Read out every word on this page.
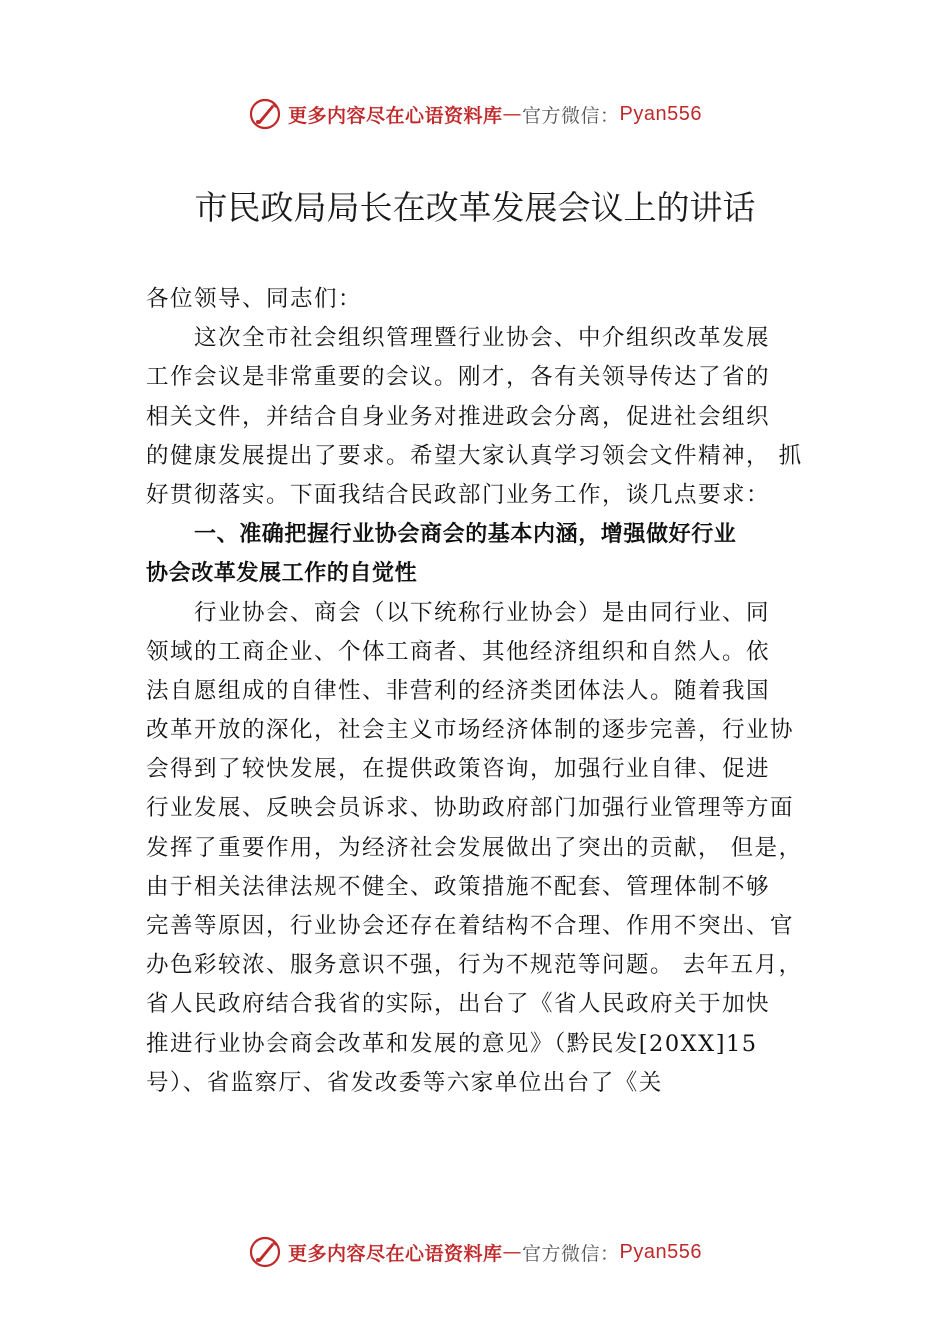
更多内容尽在心语资料库 — 官方微信： Pyan556
市民政局局长在改革发展会议上的讲话
各位领导、同志们：
这次全市社会组织管理暨行业协会、中介组织改革发展
工作会议是非常重要的会议。刚才，各有关领导传达了省的
相关文件，并结合自身业务对推进政会分离，促进社会组织
的健康发展提出了要求。希望大家认真学习领会文件精神， 抓
好贯彻落实。下面我结合民政部门业务工作，谈几点要求：
一、准确把握行业协会商会的基本内涵，增强做好行业
协会改革发展工作的自觉性
行业协会、商会（以下统称行业协会）是由同行业、同
领域的工商企业、个体工商者、其他经济组织和自然人。依
法自愿组成的自律性、非营利的经济类团体法人。随着我国
改革开放的深化，社会主义市场经济体制的逐步完善，行业协
会得到了较快发展，在提供政策咨询，加强行业自律、促进
行业发展、反映会员诉求、协助政府部门加强行业管理等方面
发挥了重要作用，为经济社会发展做出了突出的贡献， 但是，
由于相关法律法规不健全、政策措施不配套、管理体制不够
完善等原因，行业协会还存在着结构不合理、作用不突出、官
办色彩较浓、服务意识不强，行为不规范等问题。 去年五月，
省人民政府结合我省的实际，出台了《省人民政府关于加快
推进行业协会商会改革和发展的意见》（黔民发[20XX]15
号）、省监察厅、省发改委等六家单位出台了《关
更多内容尽在心语资料库 — 官方微信： Pyan556
